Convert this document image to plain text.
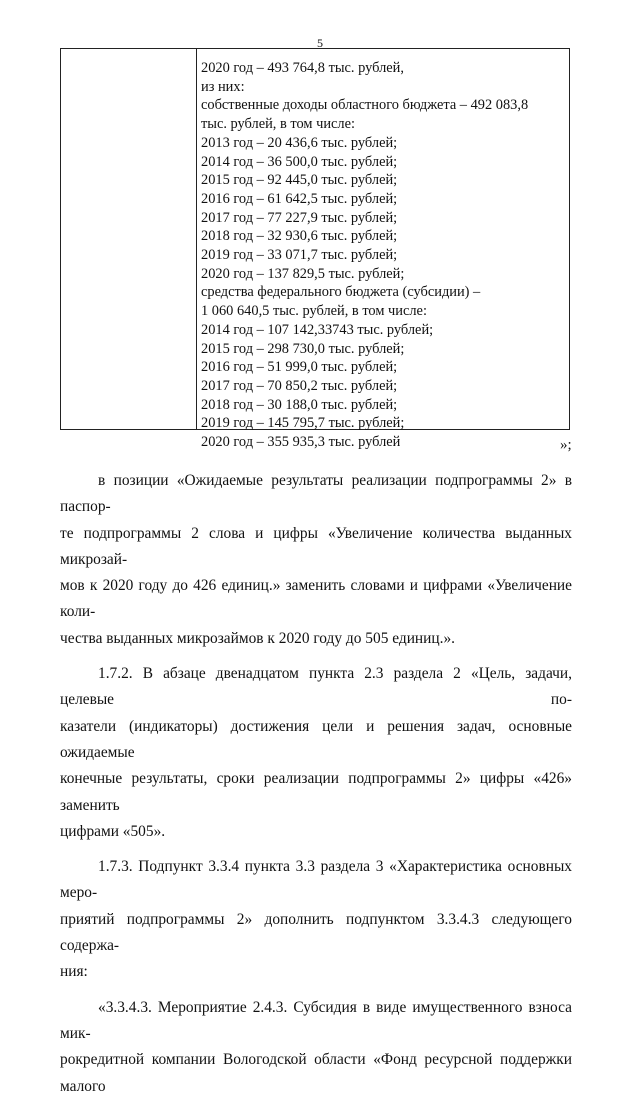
5
2020 год – 493 764,8 тыс. рублей,
из них:
собственные доходы областного бюджета – 492 083,8
тыс. рублей, в том числе:
2013 год – 20 436,6 тыс. рублей;
2014 год – 36 500,0 тыс. рублей;
2015 год – 92 445,0 тыс. рублей;
2016 год – 61 642,5 тыс. рублей;
2017 год – 77 227,9 тыс. рублей;
2018 год – 32 930,6 тыс. рублей;
2019 год – 33 071,7 тыс. рублей;
2020 год – 137 829,5 тыс. рублей;
средства федерального бюджета (субсидии) –
1 060 640,5 тыс. рублей, в том числе:
2014 год – 107 142,33743 тыс. рублей;
2015 год – 298 730,0 тыс. рублей;
2016 год – 51 999,0 тыс. рублей;
2017 год – 70 850,2 тыс. рублей;
2018 год – 30 188,0 тыс. рублей;
2019 год – 145 795,7 тыс. рублей;
2020 год – 355 935,3 тыс. рублей	»;
в позиции «Ожидаемые результаты реализации подпрограммы 2» в паспор-
те подпрограммы 2 слова и цифры «Увеличение количества выданных микрозай-
мов к 2020 году до 426 единиц.» заменить словами и цифрами «Увеличение коли-
чества выданных микрозаймов к 2020 году до 505 единиц.».
1.7.2. В абзаце двенадцатом пункта 2.3 раздела 2 «Цель, задачи, целевые по-
казатели (индикаторы) достижения цели и решения задач, основные ожидаемые
конечные результаты, сроки реализации подпрограммы 2» цифры «426» заменить
цифрами «505».
1.7.3. Подпункт 3.3.4 пункта 3.3 раздела 3 «Характеристика основных меро-
приятий подпрограммы 2» дополнить подпунктом 3.3.4.3 следующего содержа-
ния:
«3.3.4.3. Мероприятие 2.4.3. Субсидия в виде имущественного взноса мик-
рокредитной компании Вологодской области «Фонд ресурсной поддержки малого
